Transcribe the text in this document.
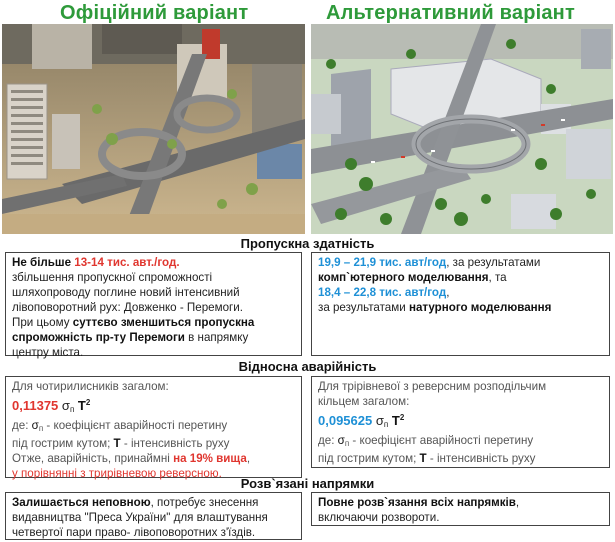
Офіційний варіант	Альтернативний варіант
Пропускна здатність
Не більше 13-14 тис. авт./год.
збільшення пропускної спроможності
шляхопроводу поглине новий інтенсивний
лівоповоротний рух: Довженко - Перемоги.
При цьому суттєво зменшиться пропускна
спроможність пр-ту Перемоги в напрямку
центру міста.
19,9 – 21,9 тис. авт/год, за результатами
комп`ютерного моделювання, та
18,4 – 22,8 тис. авт/год,
за результатами натурного моделювання
Відносна аварійність
Для чотирилисників загалом:
0,11375 $\sigma_п$ $T^2$
де: $\sigma_п$ - коефіцієнт аварійності перетину
під гострим кутом; T - інтенсивність руху
Отже, аварійність, принаймні на 19% вища,
у порівнянні з трирівневою реверсною.
Для трірівневої з реверсним розподільчим
кільцем загалом:
0,095625 $\sigma_п$ $T^2$
де: $\sigma_п$ - коефіцієнт аварійності перетину
під гострим кутом; T - інтенсивність руху
Розв`язані напрямки
Залишається неповною, потребує знесення
видавництва "Преса України" для влаштування
четвертої пари право- лівоповоротних з'їздів.
Повне розв`язання всіх напрямків,
включаючи розвороти.
